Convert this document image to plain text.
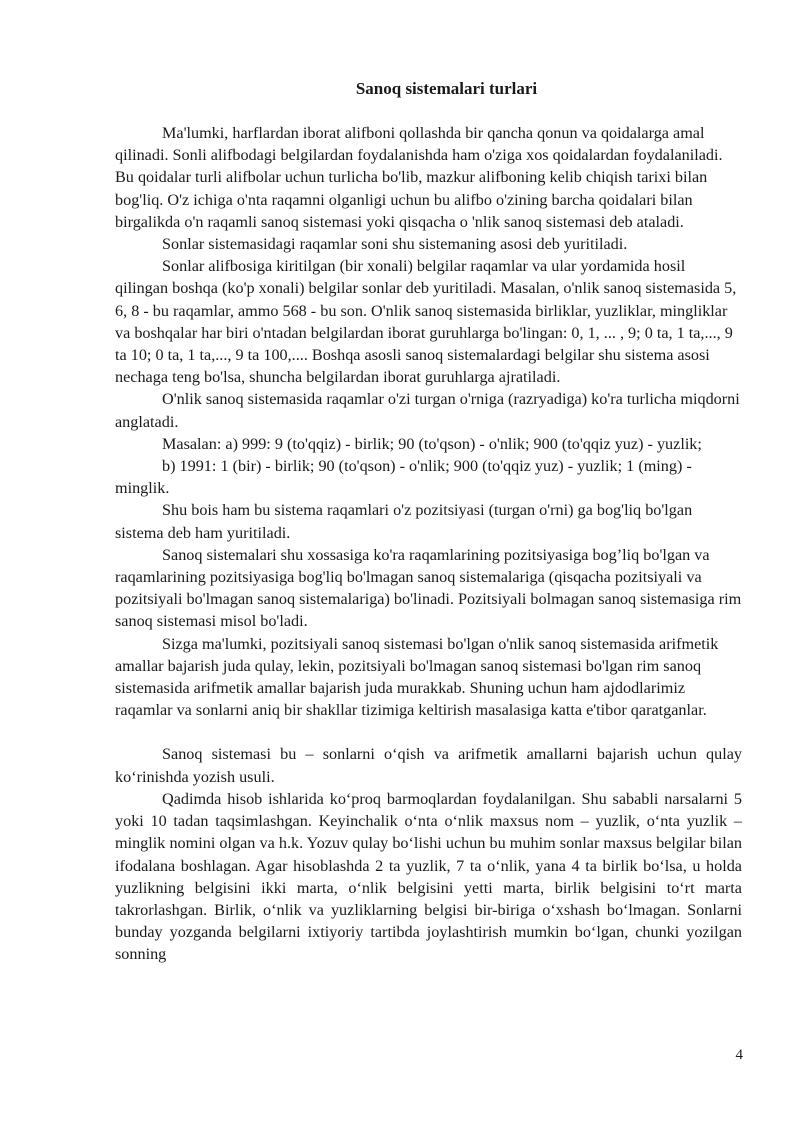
Sanoq sistemalari turlari

Ma'lumki, harflardan iborat alifboni qollashda bir qancha qonun va qoidalarga amal qilinadi. Sonli alifbodagi belgilardan foydalanishda ham o'ziga xos qoidalardan foydalaniladi. Bu qoidalar turli alifbolar uchun turlicha bo'lib, mazkur alifboning kelib chiqish tarixi bilan bog'liq. O'z ichiga o'nta raqamni olganligi uchun bu alifbo o'zining barcha qoidalari bilan birgalikda o'n raqamli sanoq sistemasi yoki qisqacha o 'nlik sanoq sistemasi deb ataladi.

Sonlar sistemasidagi raqamlar soni shu sistemaning asosi deb yuritiladi.

Sonlar alifbosiga kiritilgan (bir xonali) belgilar raqamlar va ular yordamida hosil qilingan boshqa (ko'p xonali) belgilar sonlar deb yuritiladi. Masalan, o'nlik sanoq sistemasida 5, 6, 8 - bu raqamlar, ammo 568 - bu son. O'nlik sanoq sistemasida birliklar, yuzliklar, mingliklar va boshqalar har biri o'ntadan belgilardan iborat guruhlarga bo'lingan: 0, 1, ... , 9; 0 ta, 1 ta,..., 9 ta 10; 0 ta, 1 ta,..., 9 ta 100,.... Boshqa asosli sanoq sistemalardagi belgilar shu sistema asosi nechaga teng bo'lsa, shuncha belgilardan iborat guruhlarga ajratiladi.

O'nlik sanoq sistemasida raqamlar o'zi turgan o'rniga (razryadiga) ko'ra turlicha miqdorni anglatadi.

Masalan: a) 999: 9 (to'qqiz) - birlik; 90 (to'qson) - o'nlik; 900 (to'qqiz yuz) - yuzlik;

b) 1991: 1 (bir) - birlik; 90 (to'qson) - o'nlik; 900 (to'qqiz yuz) - yuzlik; 1 (ming) - minglik.

Shu bois ham bu sistema raqamlari o'z pozitsiyasi (turgan o'rni) ga bog'liq bo'lgan sistema deb ham yuritiladi.

Sanoq sistemalari shu xossasiga ko'ra raqamlarining pozitsiyasiga bog’liq bo'lgan va raqamlarining pozitsiyasiga bog'liq bo'lmagan sanoq sistemalariga (qisqacha pozitsiyali va pozitsiyali bo'lmagan sanoq sistemalariga) bo'linadi. Pozitsiyali bolmagan sanoq sistemasiga rim sanoq sistemasi misol bo'ladi.

Sizga ma'lumki, pozitsiyali sanoq sistemasi bo'lgan o'nlik sanoq sistemasida arifmetik amallar bajarish juda qulay, lekin, pozitsiyali bo'lmagan sanoq sistemasi bo'lgan rim sanoq sistemasida arifmetik amallar bajarish juda murakkab. Shuning uchun ham ajdodlarimiz raqamlar va sonlarni aniq bir shakllar tizimiga keltirish masalasiga katta e'tibor qaratganlar.

Sanoq sistemasi bu – sonlarni o‘qish va arifmetik amallarni bajarish uchun qulay ko‘rinishda yozish usuli.

Qadimda hisob ishlarida ko‘proq barmoqlardan foydalanilgan. Shu sababli narsalarni 5 yoki 10 tadan taqsimlashgan. Keyinchalik o‘nta o‘nlik maxsus nom – yuzlik, o‘nta yuzlik – minglik nomini olgan va h.k. Yozuv qulay bo‘lishi uchun bu muhim sonlar maxsus belgilar bilan ifodalana boshlagan. Agar hisoblashda 2 ta yuzlik, 7 ta o‘nlik, yana 4 ta birlik bo‘lsa, u holda yuzlikning belgisini ikki marta, o‘nlik belgisini yetti marta, birlik belgisini to‘rt marta takrorlashgan. Birlik, o‘nlik va yuzliklarning belgisi bir-biriga o‘xshash bo‘lmagan. Sonlarni bunday yozganda belgilarni ixtiyoriy tartibda joylashtirish mumkin bo‘lgan, chunki yozilgan sonning

4
